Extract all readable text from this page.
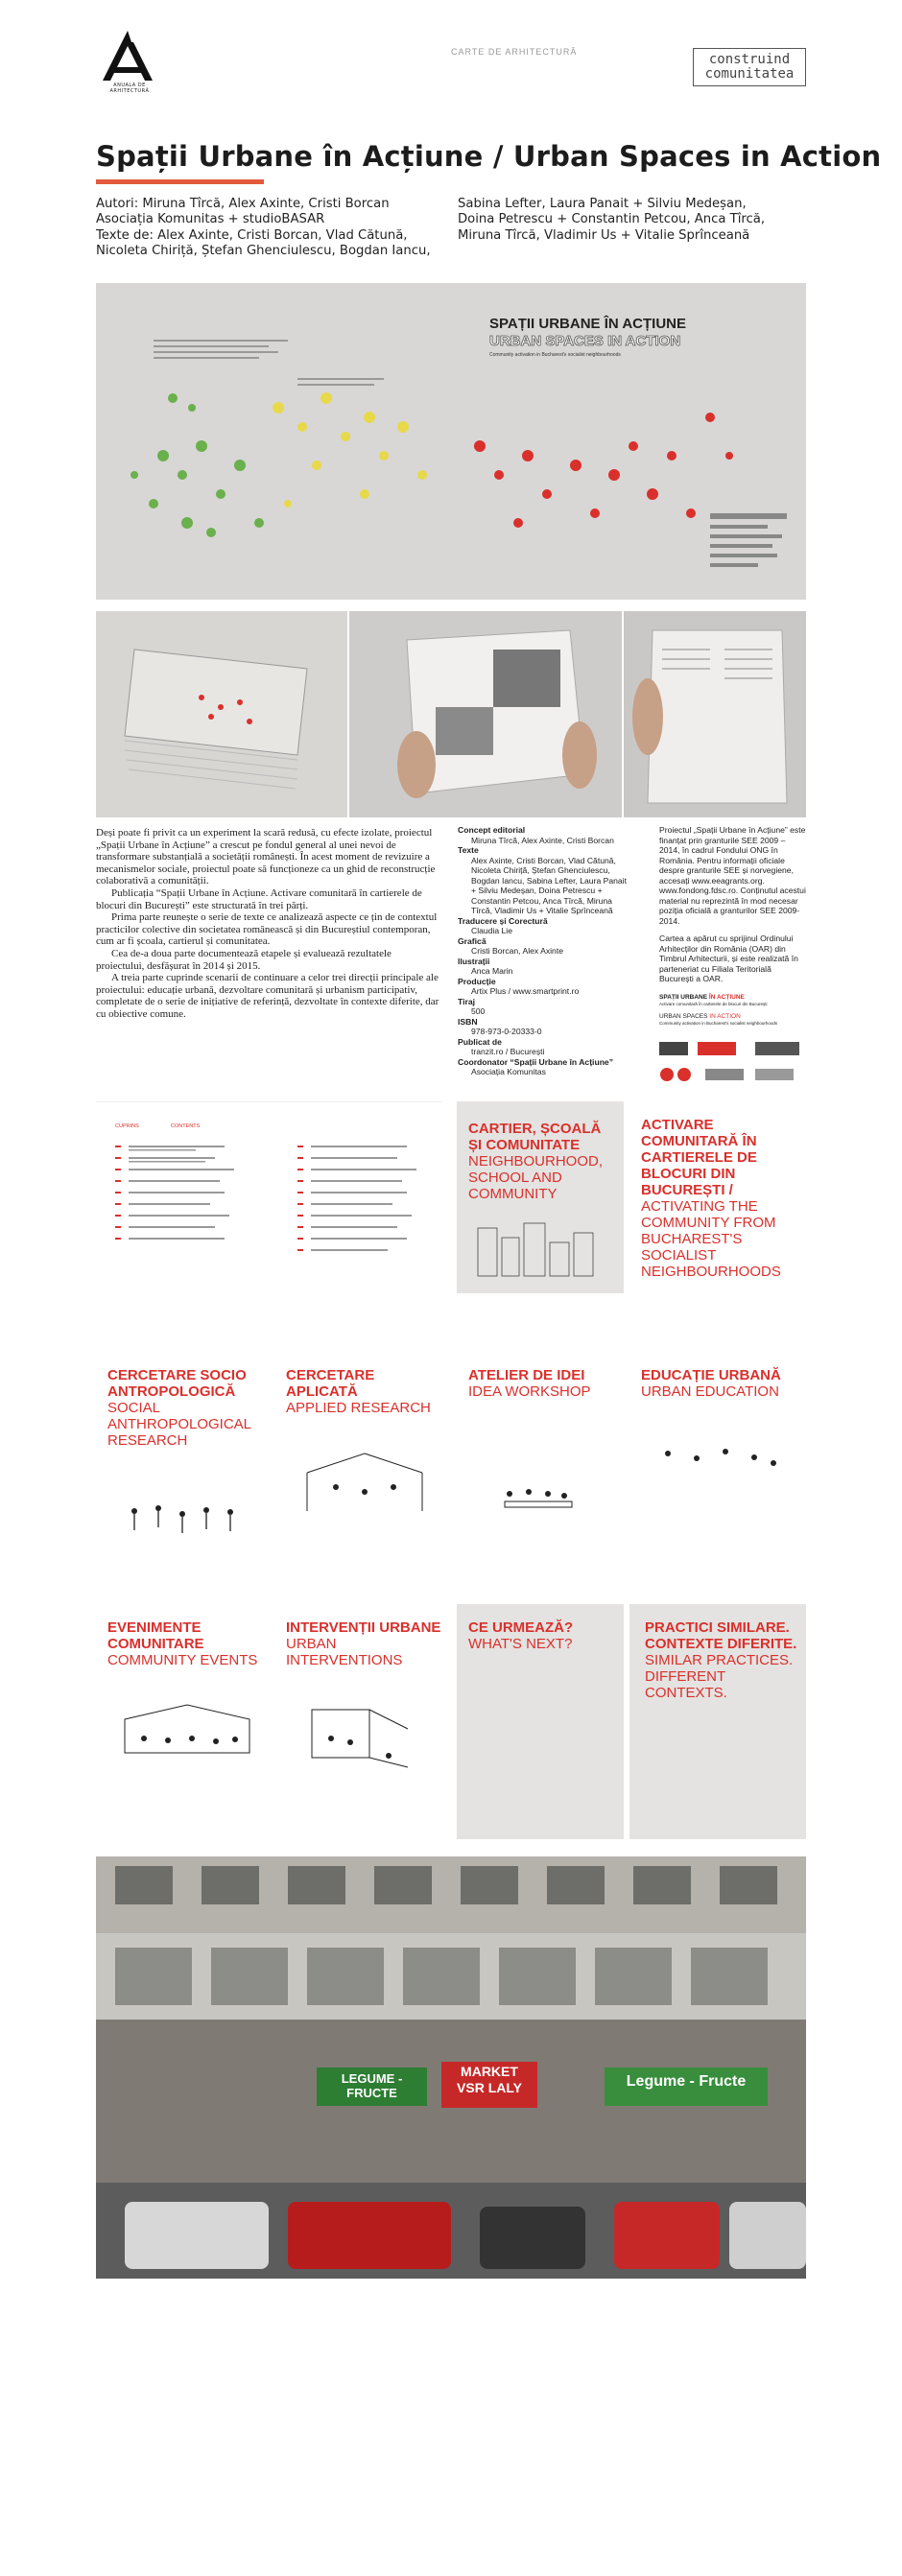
ANUALA DE ARHITECTURĂ
CARTE DE ARHITECTURĂ	construind
comunitatea
Spații Urbane în Acțiune / Urban Spaces in Action
Autori: Miruna Tîrcă, Alex Axinte, Cristi Borcan
Asociația Komunitas + studioBASAR
Texte de: Alex Axinte, Cristi Borcan, Vlad Cătună,
Nicoleta Chiriță, Ștefan Ghenciulescu, Bogdan Iancu,
Sabina Lefter, Laura Panait + Silviu Medeșan,
Doina Petrescu + Constantin Petcou, Anca Tîrcă,
Miruna Tîrcă, Vladimir Us + Vitalie Sprînceană
SPAȚII URBANE ÎN ACȚIUNE
URBAN SPACES IN ACTION
Community activation in Bucharest's socialist neighbourhoods

Deși poate fi privit ca un experiment la scară redusă, cu efecte izolate, proiectul „Spații Urbane în Acțiune” a crescut pe fondul general al unei nevoi de transformare substanțială a societății românești. În acest moment de revizuire a mecanismelor sociale, proiectul poate să funcționeze ca un ghid de reconstrucție colaborativă a comunității.

Publicația “Spații Urbane în Acțiune. Activare comunitară în cartierele de blocuri din București” este structurată în trei părți.

Prima parte reunește o serie de texte ce analizează aspecte ce țin de contextul practicilor colective din societatea românească și din Bucureștiul contemporan, cum ar fi școala, cartierul și comunitatea.

Cea de-a doua parte documentează etapele și evaluează rezultatele proiectului, desfășurat în 2014 și 2015.

A treia parte cuprinde scenarii de continuare a celor trei direcții principale ale proiectului: educație urbană, dezvoltare comunitară și urbanism participativ, completate de o serie de inițiative de referință, dezvoltate în contexte diferite, dar cu obiective comune.

Concept editorial
Miruna Tîrcă, Alex Axinte, Cristi Borcan
Texte
Alex Axinte, Cristi Borcan, Vlad Cătună, Nicoleta Chiriță, Ștefan Ghenciulescu, Bogdan Iancu, Sabina Lefter, Laura Panait + Silviu Medeșan, Doina Petrescu + Constantin Petcou, Anca Tîrcă, Miruna Tîrcă, Vladimir Us + Vitalie Sprînceană
Traducere și Corectură
Claudia Lie
Grafică
Cristi Borcan, Alex Axinte
Ilustrații
Anca Marin
Producție
Artix Plus / www.smartprint.ro
Tiraj
500
ISBN
978-973-0-20333-0
Publicat de
tranzit.ro / București
Coordonator “Spații Urbane în Acțiune”
Asociația Komunitas

Proiectul „Spații Urbane în Acțiune” este finanțat prin granturile SEE 2009 – 2014, în cadrul Fondului ONG în România. Pentru informații oficiale despre granturile SEE și norvegiene, accesați www.eeagrants.org. www.fondong.fdsc.ro. Conținutul acestui material nu reprezintă în mod necesar poziția oficială a granturilor SEE 2009-2014.

Cartea a apărut cu sprijinul Ordinului Arhitecților din România (OAR) din Timbrul Arhitecturii, și este realizată în parteneriat cu Filiala Teritorială București a OAR.

SPAȚII URBANE ÎN ACȚIUNE
Activare comunitară în cartierele de blocuri din București
URBAN SPACES IN ACTION
Community activation in Bucharest's socialist neighbourhoods
CUPRINS	CONTENTS	CARTIER, ȘCOALĂ ȘI COMUNITATE
NEIGHBOURHOOD, SCHOOL AND COMMUNITY
ACTIVARE COMUNITARĂ ÎN CARTIERELE DE BLOCURI DIN BUCUREȘTI /
ACTIVATING THE COMMUNITY FROM BUCHAREST'S SOCIALIST NEIGHBOURHOODS
CERCETARE SOCIO ANTROPOLOGICĂ
SOCIAL ANTHROPOLOGICAL RESEARCH
CERCETARE APLICATĂ
APPLIED RESEARCH
ATELIER DE IDEI
IDEA WORKSHOP
EDUCAȚIE URBANĂ
URBAN EDUCATION
EVENIMENTE COMUNITARE
COMMUNITY EVENTS
INTERVENȚII URBANE
URBAN INTERVENTIONS
CE URMEAZĂ?
WHAT'S NEXT?
PRACTICI SIMILARE. CONTEXTE DIFERITE.
SIMILAR PRACTICES. DIFFERENT CONTEXTS.
LEGUME - FRUCTE
MARKET VSR LALY	Legume - Fructe
